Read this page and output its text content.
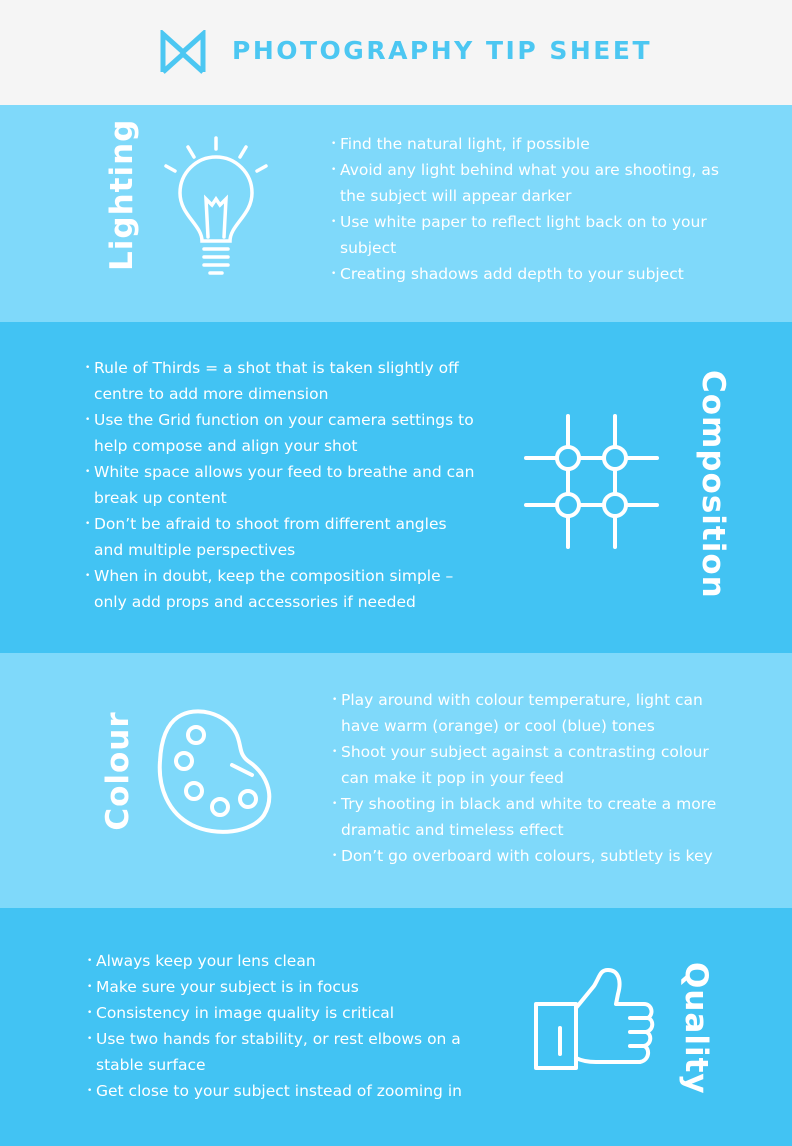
PHOTOGRAPHY TIP SHEET
Lighting
•	Find the natural light, if possible
• Avoid any light behind what you are shooting, as the subject will appear darker
• Use white paper to reflect light back on to your subject
• Creating shadows add depth to your subject
• Rule of Thirds = a shot that is taken slightly off centre to add more dimension
• Use the Grid function on your camera settings to help compose and align your shot
• White space allows your feed to breathe and can break up content
• Don’t be afraid to shoot from different angles and multiple perspectives
• When in doubt, keep the composition simple – only add props and accessories if needed
Composition
Colour
• Play around with colour temperature, light can have warm (orange) or cool (blue) tones
• Shoot your subject against a contrasting colour can make it pop in your feed
• Try shooting in black and white to create a more dramatic and timeless effect
• Don’t go overboard with colours, subtlety is key
• Always keep your lens clean
• Make sure your subject is in focus
• Consistency in image quality is critical
• Use two hands for stability, or rest elbows on a stable surface
• Get close to your subject instead of zooming in	Quality
